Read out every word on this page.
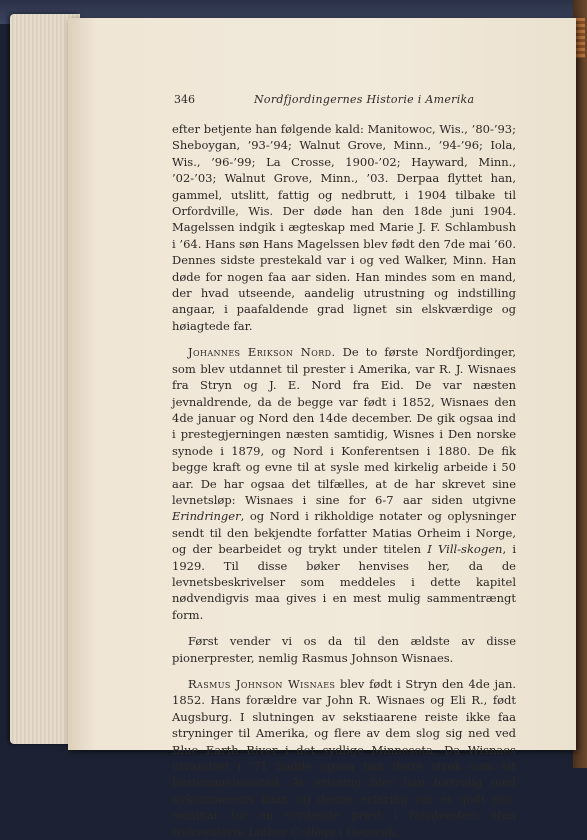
346	Nordfjordingernes Historie i Amerika

efter betjente han følgende kald: Manitowoc, Wis., ’80-’93; Sheboygan, ’93-’94; Walnut Grove, Minn., ’94-’96; Iola, Wis., ’96-’99; La Crosse, 1900-’02; Hayward, Minn., ’02-’03; Walnut Grove, Minn., ’03. Derpaa flyttet han, gammel, utslitt, fattig og nedbrutt, i 1904 tilbake til Orfordville, Wis. Der døde han den 18de juni 1904. Magelssen indgik i ægteskap med Marie J. F. Schlambush i ’64. Hans søn Hans Magelssen blev født den 7de mai ’60. Dennes sidste prestekald var i og ved Walker, Minn. Han døde for nogen faa aar siden. Han mindes som en mand, der hvad utseende, aandelig utrustning og indstilling angaar, i paafaldende grad lignet sin elskværdige og høiagtede far.

Johannes Erikson Nord. De to første Nordfjordinger, som blev utdannet til prester i Amerika, var R. J. Wisnaes fra Stryn og J. E. Nord fra Eid. De var næsten jevnaldrende, da de begge var født i 1852, Wisnaes den 4de januar og Nord den 14de december. De gik ogsaa ind i prestegjerningen næsten samtidig, Wisnes i Den norske synode i 1879, og Nord i Konferentsen i 1880. De fik begge kraft og evne til at sysle med kirkelig arbeide i 50 aar. De har ogsaa det tilfælles, at de har skrevet sine levnetsløp: Wisnaes i sine for 6-7 aar siden utgivne Erindringer, og Nord i rikholdige notater og oplysninger sendt til den bekjendte forfatter Matias Orheim i Norge, og der bearbeidet og trykt under titelen I Vill-skogen, i 1929. Til disse bøker henvises her, da de levnetsbeskrivelser som meddeles i dette kapitel nødvendigvis maa gives i en mest mulig sammentrængt form.

Først vender vi os da til den ældste av disse pionerprester, nemlig Rasmus Johnson Wisnaes.

Rasmus Johnson Wisnaes blev født i Stryn den 4de jan. 1852. Hans forældre var John R. Wisnaes og Eli R., født Augsburg. I slutningen av sekstiaarene reiste ikke faa stryninger til Amerika, og flere av dem slog sig ned ved Blue Earth River i det sydlige Minnesota. Da Wisnaes utvandret i ’71 hadde ogsaa han dette strøk som sit bestemmelsessted. Av erfaring blev han fortrolig med nykommerens kaar, og denne erfaring var et godt pro-seminar for en vordende prest i Nordvesten. Han frekventerte Luther College i Decorah,
